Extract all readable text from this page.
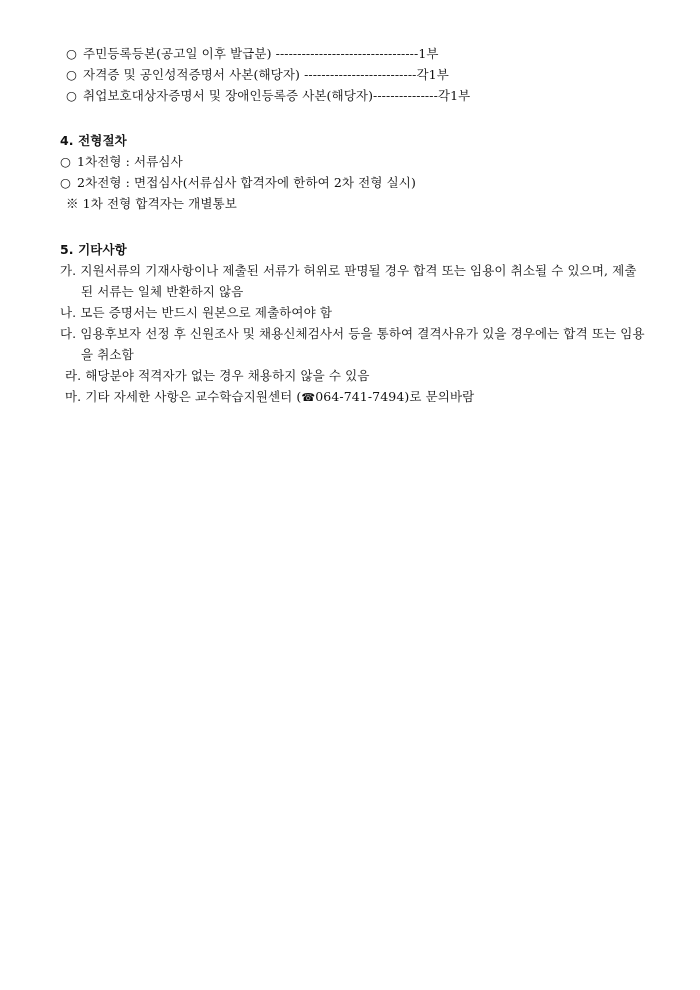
○ 주민등록등본(공고일 이후 발급분) ---------------------------------1부
○ 자격증 및 공인성적증명서 사본(해당자) --------------------------각1부
○ 취업보호대상자증명서 및 장애인등록증 사본(해당자)---------------각1부
4. 전형절차
○ 1차전형 : 서류심사
○ 2차전형 : 면접심사(서류심사 합격자에 한하여 2차 전형 실시)
※ 1차 전형 합격자는 개별통보
5. 기타사항
가. 지원서류의 기재사항이나 제출된 서류가 허위로 판명될 경우 합격 또는 임용이 취소될 수 있으며, 제출
된 서류는 일체 반환하지 않음
나. 모든 증명서는 반드시 원본으로 제출하여야 함
다. 임용후보자 선정 후 신원조사 및 채용신체검사서 등을 통하여 결격사유가 있을 경우에는 합격 또는 임용
을 취소함
라. 해당분야 적격자가 없는 경우 채용하지 않을 수 있음
마. 기타 자세한 사항은 교수학습지원센터 (☎064-741-7494)로 문의바람
